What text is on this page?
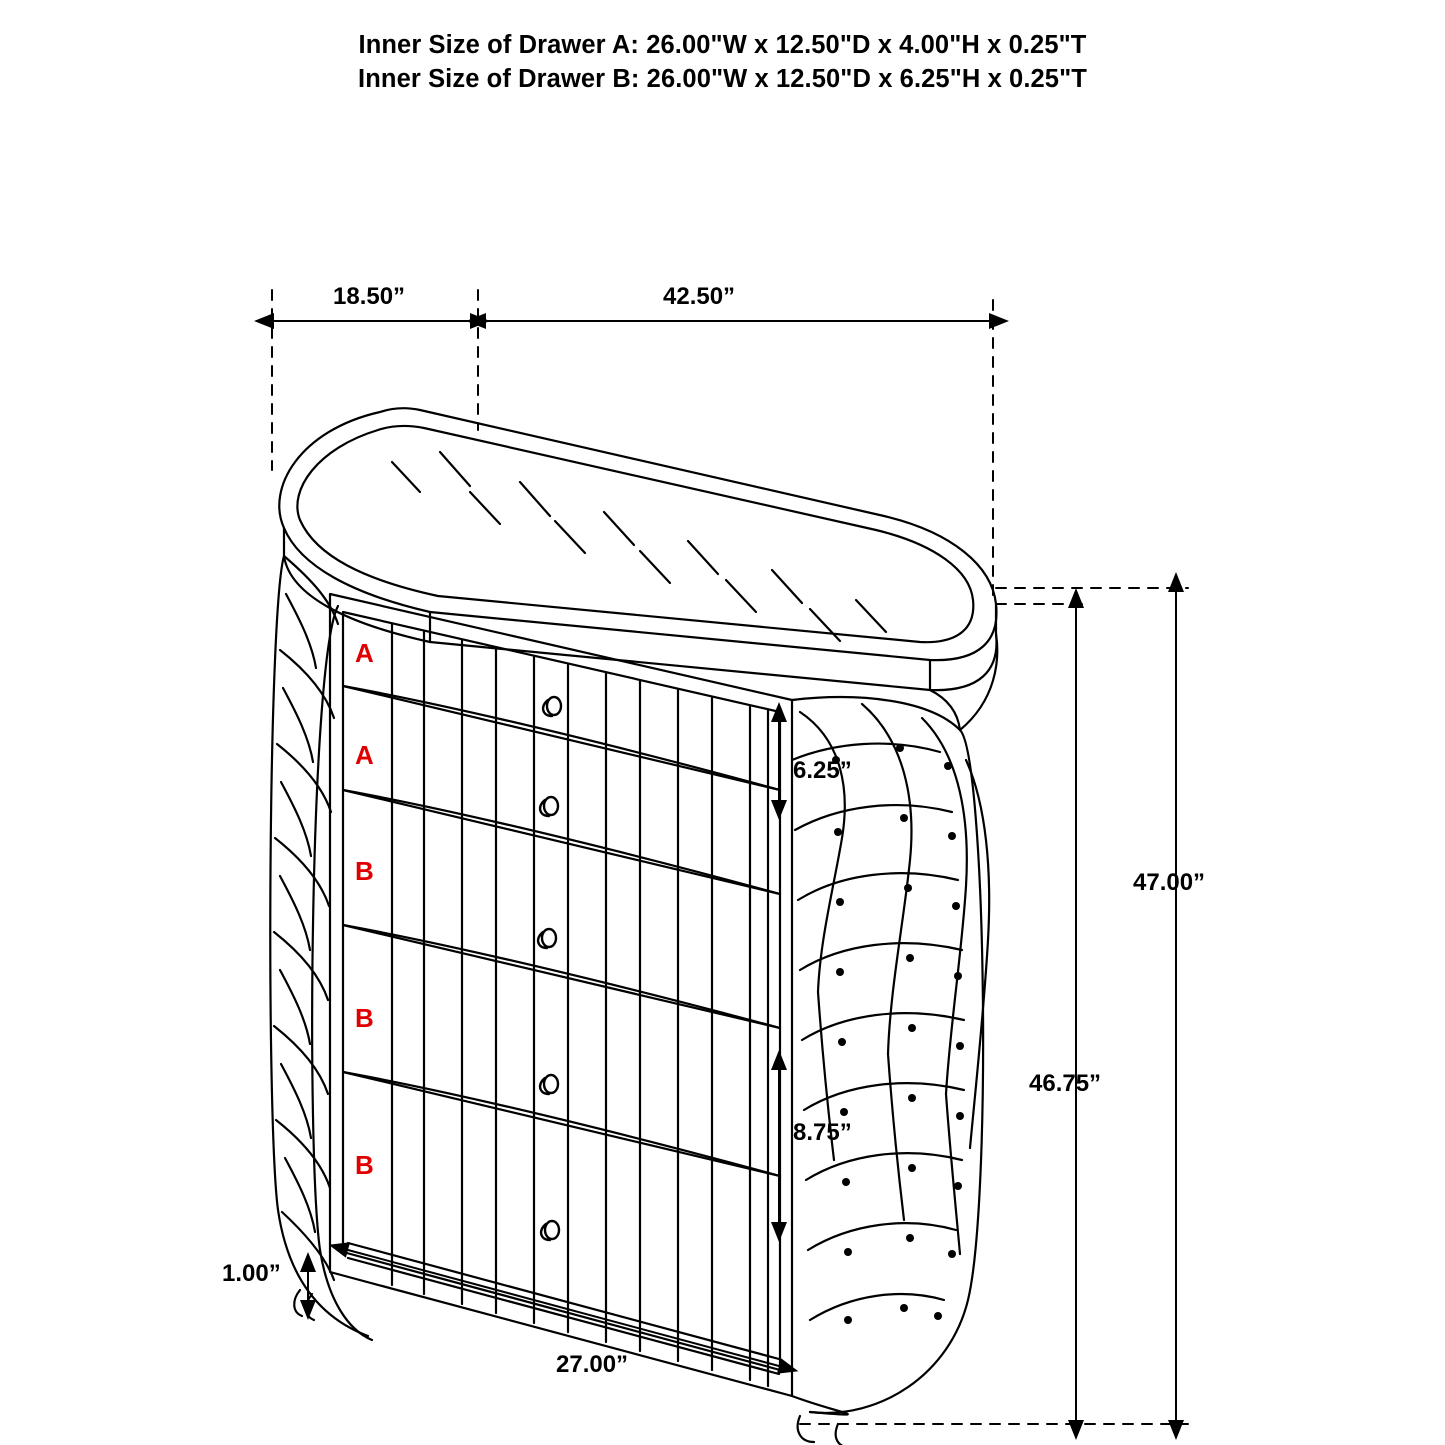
Inner Size of Drawer A: 26.00"W x 12.50"D x 4.00"H x 0.25"T
Inner Size of Drawer B: 26.00"W x 12.50"D x 6.25"H x 0.25"T
18.50”	42.50”
6.25”
8.75”
47.00”
46.75”
1.00”
27.00”
A
A
B
B
B
